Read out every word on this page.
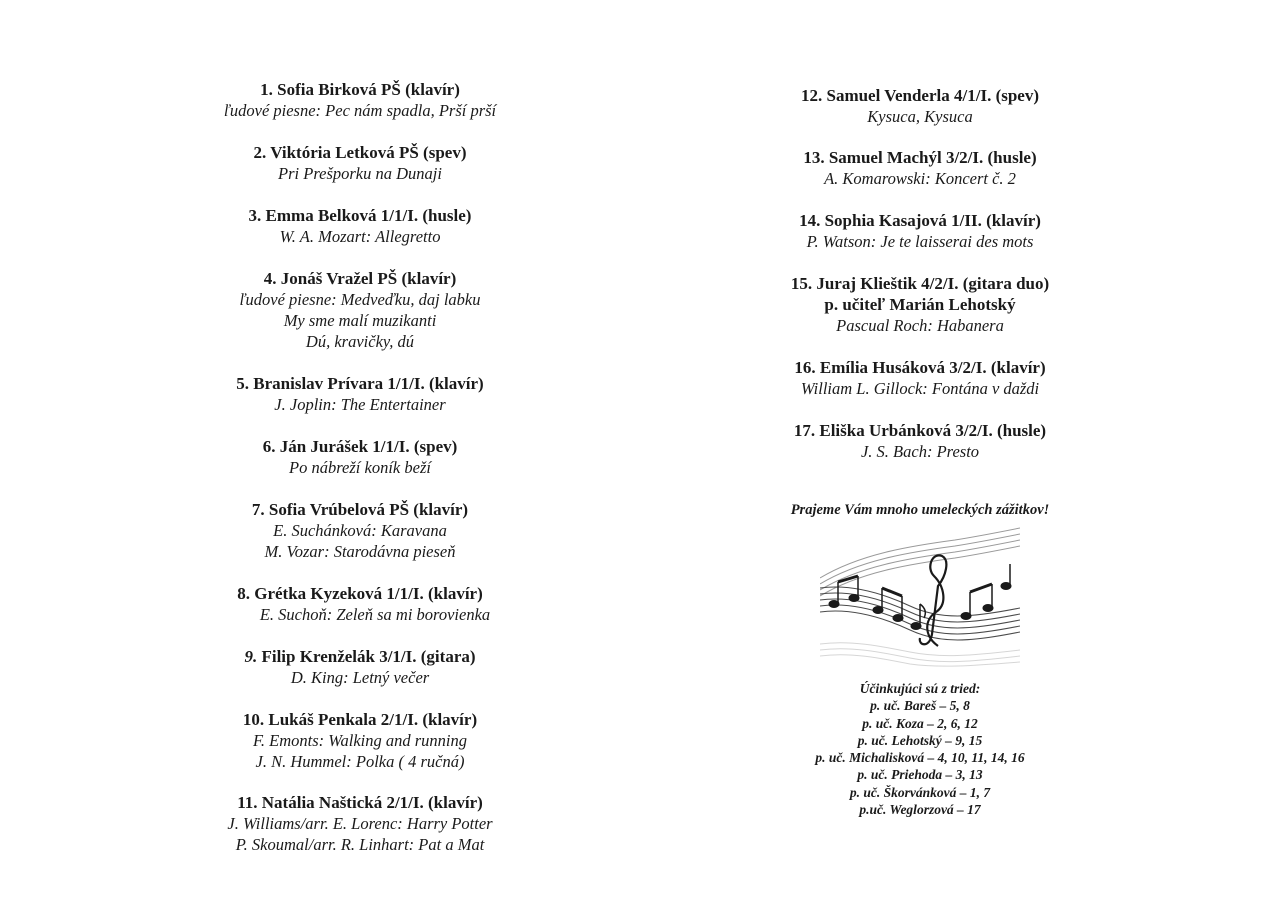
1. Sofia Birková PŠ (klavír)
ľudové piesne: Pec nám spadla, Prší prší
2. Viktória Letková PŠ (spev)
Pri Prešporku na Dunaji
3. Emma Belková 1/1/I. (husle)
W. A. Mozart: Allegretto
4. Jonáš Vražel PŠ (klavír)
ľudové piesne: Medveďku, daj labku
My sme malí muzikanti
Dú, kravičky, dú
5. Branislav Prívara 1/1/I. (klavír)
J. Joplin: The Entertainer
6. Ján Jurášek 1/1/I. (spev)
Po nábreží koník beží
7. Sofia Vrúbelová PŠ (klavír)
E. Suchánková: Karavana
M. Vozar: Starodávna pieseň
8. Grétka Kyzeková 1/1/I. (klavír)
E. Suchoň: Zeleň sa mi borovienka
9. Filip Krenželák 3/1/I. (gitara)
D. King: Letný večer
10. Lukáš Penkala 2/1/I. (klavír)
F. Emonts: Walking and running
J. N. Hummel: Polka ( 4 ručná)
11. Natália Naštická 2/1/I. (klavír)
J. Williams/arr. E. Lorenc: Harry Potter
P. Skoumal/arr. R. Linhart: Pat a Mat
12. Samuel Venderla 4/1/I. (spev)
Kysuca, Kysuca
13. Samuel Machýl 3/2/I. (husle)
A. Komarowski: Koncert č. 2
14. Sophia Kasajová 1/II. (klavír)
P. Watson: Je te laisserai des mots
15. Juraj Klieštik 4/2/I. (gitara duo)
p. učiteľ Marián Lehotský
Pascual Roch: Habanera
16. Emília Husáková 3/2/I. (klavír)
William L. Gillock: Fontána v daždi
17. Eliška Urbánková 3/2/I. (husle)
J. S. Bach: Presto
Prajeme Vám mnoho umeleckých zážitkov!
Účinkujúci sú z tried:
p. uč. Bareš – 5, 8
p. uč. Koza – 2, 6, 12
p. uč. Lehotský – 9, 15
p. uč. Michalisková – 4, 10, 11, 14, 16
p. uč. Priehoda – 3, 13
p. uč. Škorvánková – 1, 7
p.uč. Weglorzová – 17
